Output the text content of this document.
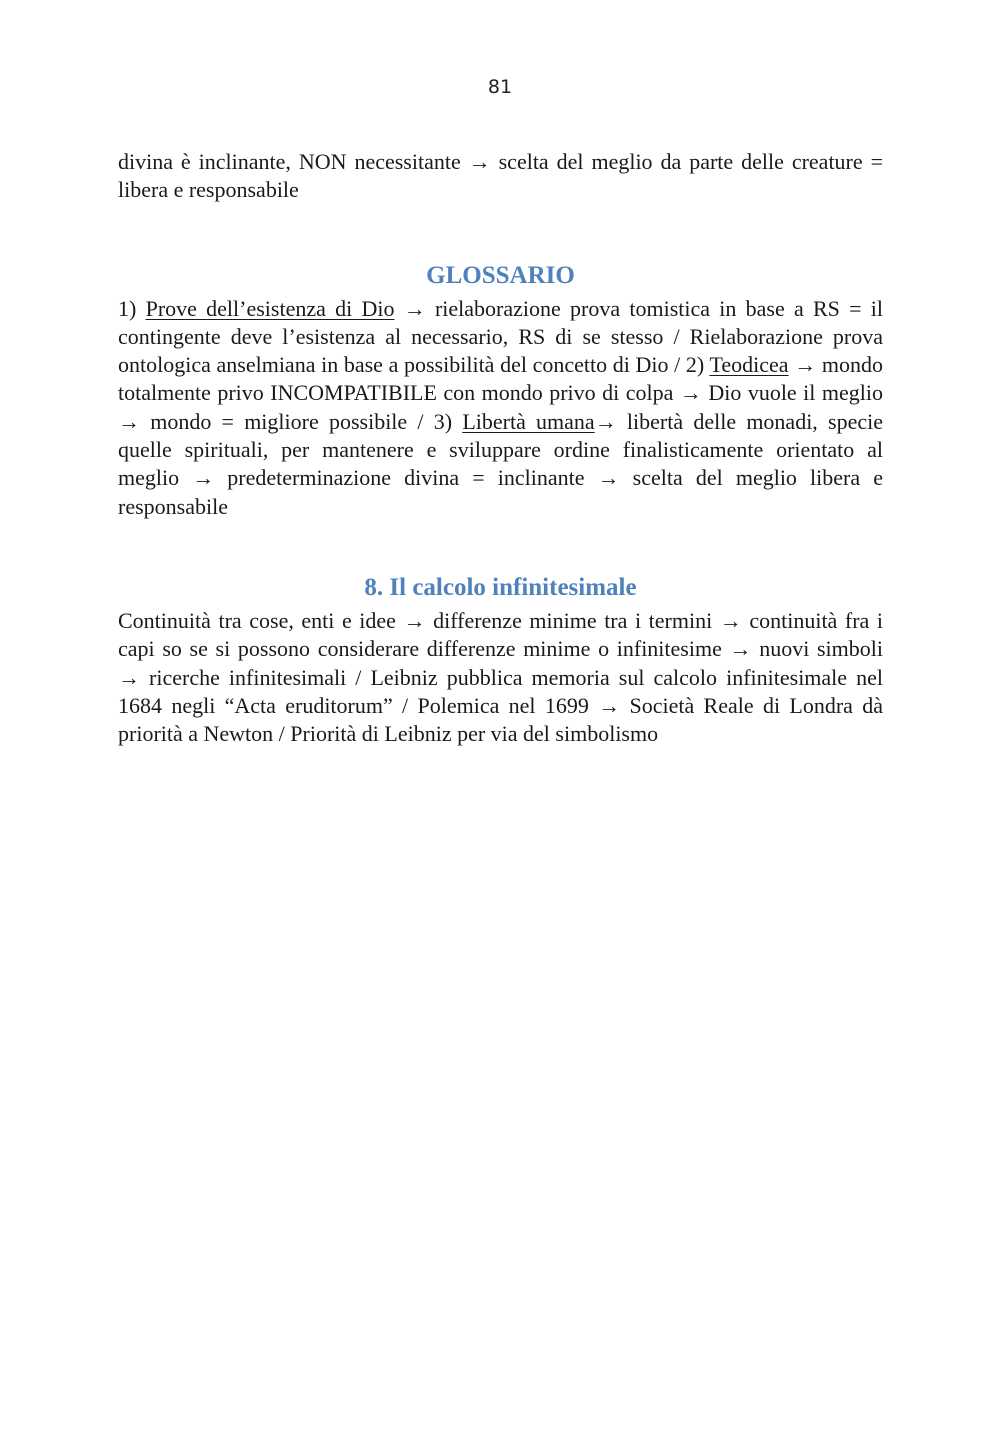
81

divina è inclinante, NON necessitante → scelta del meglio da parte delle creature = libera e responsabile

GLOSSARIO

1) Prove dell’esistenza di Dio → rielaborazione prova tomistica in base a RS = il contingente deve l’esistenza al necessario, RS di se stesso / Rielaborazione prova ontologica anselmiana in base a possibilità del concetto di Dio / 2) Teodicea → mondo totalmente privo INCOMPATIBILE con mondo privo di colpa → Dio vuole il meglio → mondo = migliore possibile / 3) Libertà umana→ libertà delle monadi, specie quelle spirituali, per mantenere e sviluppare ordine finalisticamente orientato al meglio → predeterminazione divina = inclinante → scelta del meglio libera e responsabile

8. Il calcolo infinitesimale

Continuità tra cose, enti e idee → differenze minime tra i termini → continuità fra i capi so se si possono considerare differenze minime o infinitesime → nuovi simboli → ricerche infinitesimali / Leibniz pubblica memoria sul calcolo infinitesimale nel 1684 negli “Acta eruditorum” / Polemica nel 1699 → Società Reale di Londra dà priorità a Newton / Priorità di Leibniz per via del simbolismo
